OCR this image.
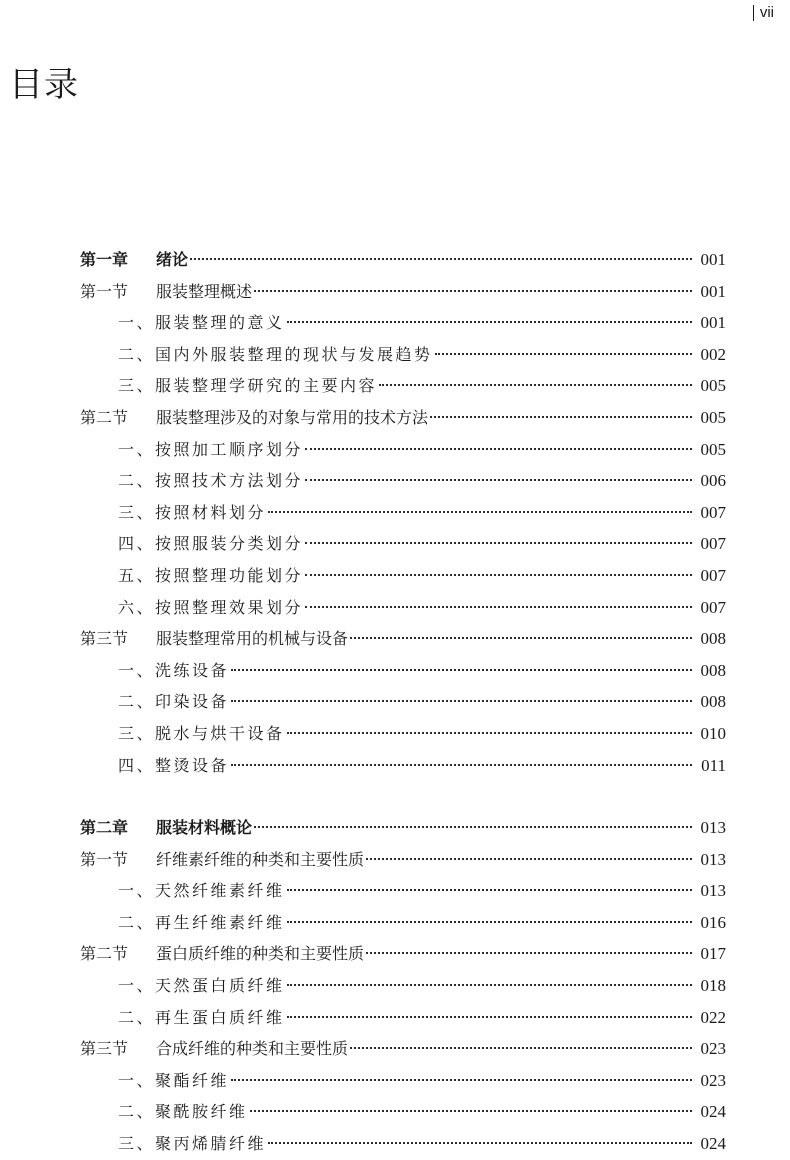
vii
目录
第一章 绪论	001
第一节 服装整理概述	001
一、服装整理的意义	001
二、国内外服装整理的现状与发展趋势	002
三、服装整理学研究的主要内容	005
第二节 服装整理涉及的对象与常用的技术方法	005
一、按照加工顺序划分	005
二、按照技术方法划分	006
三、按照材料划分	007
四、按照服装分类划分	007
五、按照整理功能划分	007
六、按照整理效果划分	007
第三节 服装整理常用的机械与设备	008
一、洗练设备	008
二、印染设备	008
三、脱水与烘干设备	010
四、整烫设备	011
第二章 服装材料概论	013
第一节 纤维素纤维的种类和主要性质	013
一、天然纤维素纤维	013
二、再生纤维素纤维	016
第二节 蛋白质纤维的种类和主要性质	017
一、天然蛋白质纤维	018
二、再生蛋白质纤维	022
第三节 合成纤维的种类和主要性质	023
一、聚酯纤维	023
二、聚酰胺纤维	024
三、聚丙烯腈纤维	024
